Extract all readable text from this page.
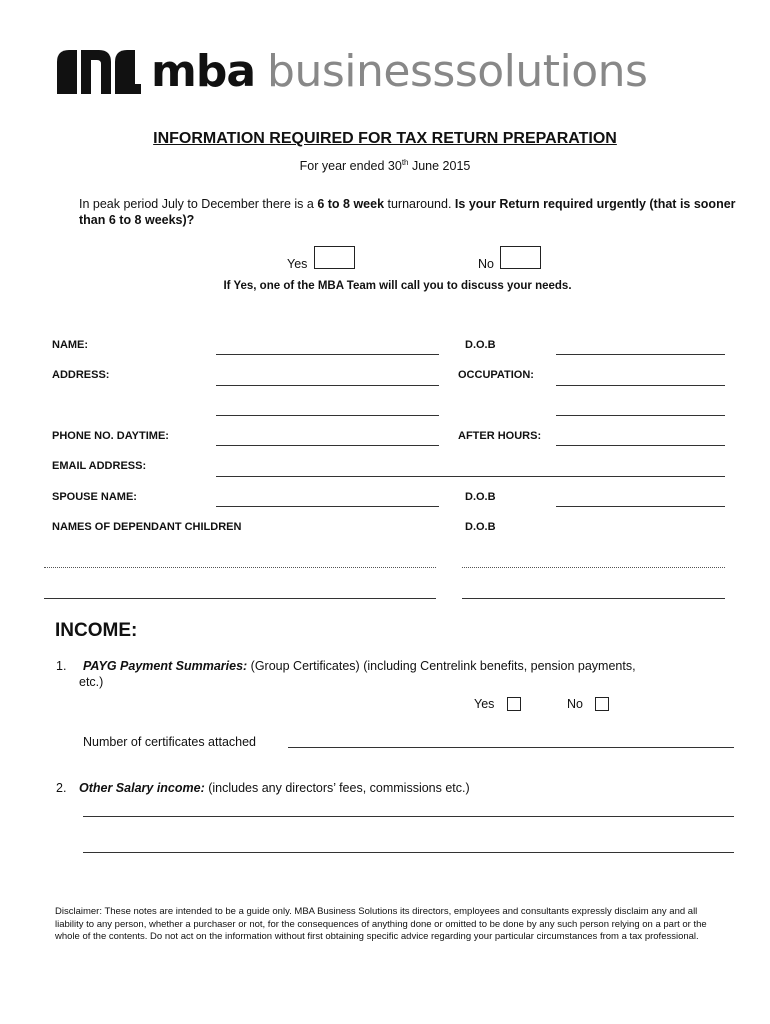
mba businesssolutions
INFORMATION REQUIRED FOR TAX RETURN PREPARATION
For year ended 30th June 2015
In peak period July to December there is a 6 to 8 week turnaround. Is your Return required urgently (that is sooner than 6 to 8 weeks)?
Yes	No
If Yes, one of the MBA Team will call you to discuss your needs.
NAME:	D.O.B
ADDRESS:	OCCUPATION:
PHONE NO. DAYTIME:	AFTER HOURS:
EMAIL ADDRESS:
SPOUSE NAME:	D.O.B
NAMES OF DEPENDANT CHILDREN	D.O.B
INCOME:
1. PAYG Payment Summaries: (Group Certificates) (including Centrelink benefits, pension payments,
etc.)
Yes	No
Number of certificates attached
2. Other Salary income: (includes any directors’ fees, commissions etc.)
Disclaimer: These notes are intended to be a guide only. MBA Business Solutions its directors, employees and consultants expressly disclaim any and all liability to any person, whether a purchaser or not, for the consequences of anything done or omitted to be done by any such person relying on a part or the whole of the contents. Do not act on the information without first obtaining specific advice regarding your particular circumstances from a tax professional.
